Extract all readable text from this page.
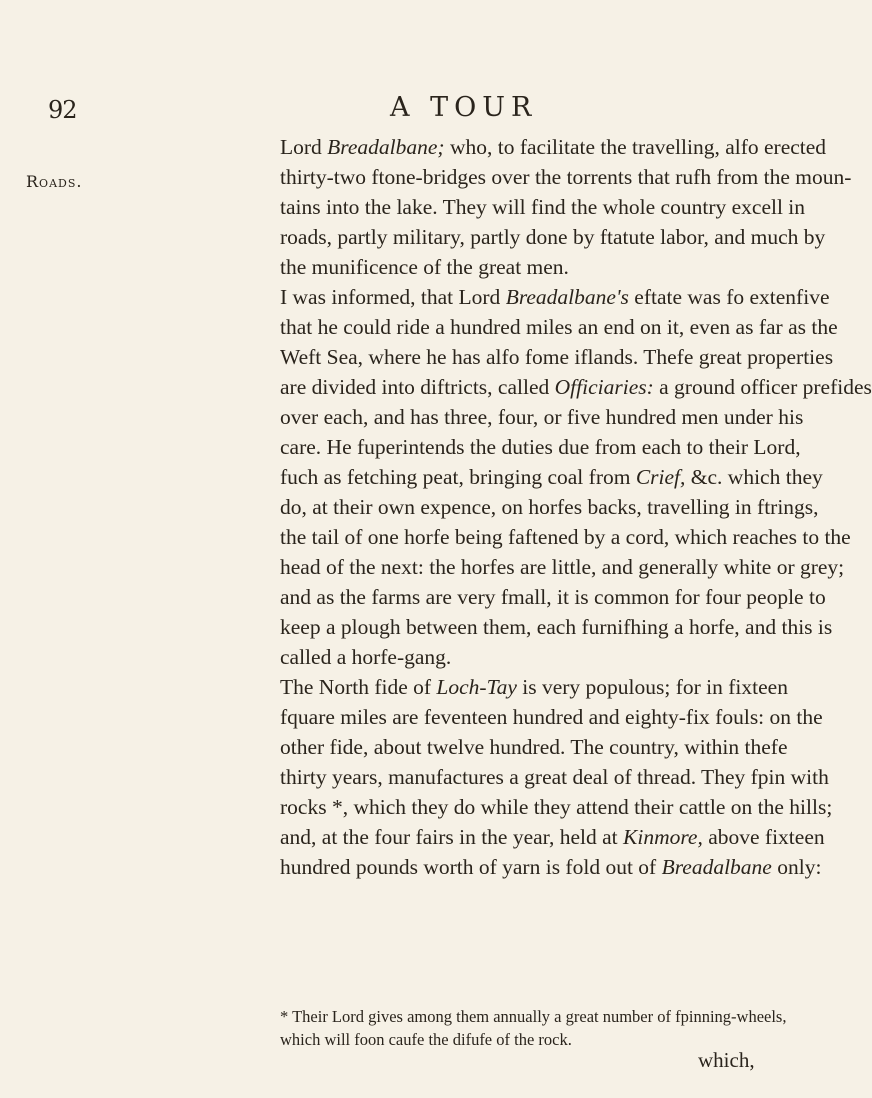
92	A TOUR
Roads.
Lord Breadalbane; who, to facilitate the travelling, alfo erected
thirty-two ftone-bridges over the torrents that rufh from the moun-
tains into the lake. They will find the whole country excell in
roads, partly military, partly done by ftatute labor, and much by
the munificence of the great men.
I was informed, that Lord Breadalbane's eftate was fo extenfive
that he could ride a hundred miles an end on it, even as far as the
Weft Sea, where he has alfo fome iflands. Thefe great properties
are divided into diftricts, called Officiaries: a ground officer prefides
over each, and has three, four, or five hundred men under his
care. He fuperintends the duties due from each to their Lord,
fuch as fetching peat, bringing coal from Crief, &c. which they
do, at their own expence, on horfes backs, travelling in ftrings,
the tail of one horfe being faftened by a cord, which reaches to the
head of the next: the horfes are little, and generally white or grey;
and as the farms are very fmall, it is common for four people to
keep a plough between them, each furnifhing a horfe, and this is
called a horfe-gang.
The North fide of Loch-Tay is very populous; for in fixteen
fquare miles are feventeen hundred and eighty-fix fouls: on the
other fide, about twelve hundred. The country, within thefe
thirty years, manufactures a great deal of thread. They fpin with
rocks *, which they do while they attend their cattle on the hills;
and, at the four fairs in the year, held at Kinmore, above fixteen
hundred pounds worth of yarn is fold out of Breadalbane only:
* Their Lord gives among them annually a great number of fpinning-wheels,
which will foon caufe the difufe of the rock.
which,
